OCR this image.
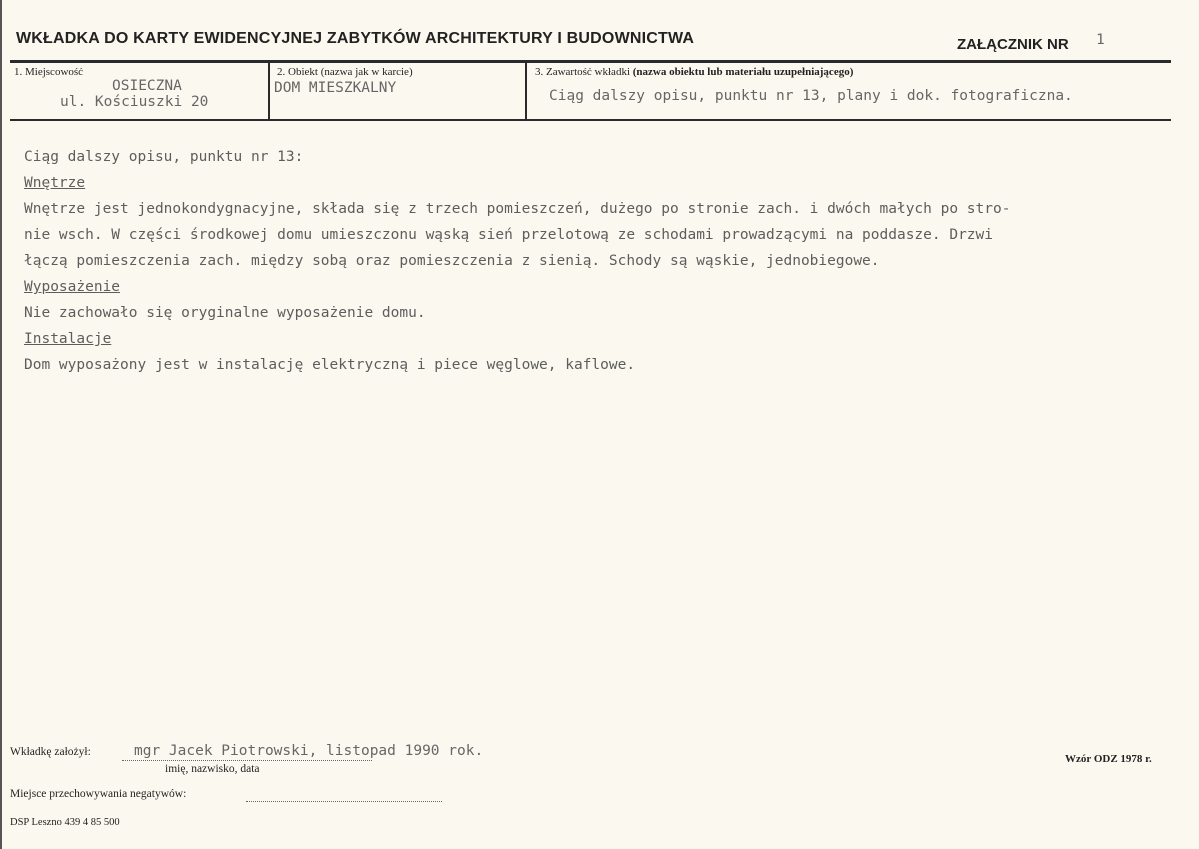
WKŁADKA DO KARTY EWIDENCYJNEJ ZABYTKÓW ARCHITEKTURY I BUDOWNICTWA	ZAŁĄCZNIK NR 1
1. Miejscowość
OSIECZNA
ul. Kościuszki 20
2. Obiekt (nazwa jak w karcie)
DOM MIESZKALNY
3. Zawartość wkładki (nazwa obiektu lub materiału uzupełniającego)
Ciąg dalszy opisu, punktu nr 13, plany i dok. fotograficzna.
Ciąg dalszy opisu, punktu nr 13:
Wnętrze
Wnętrze jest jednokondygnacyjne, składa się z trzech pomieszczeń, dużego po stronie zach. i dwóch małych po stro-
nie wsch. W części środkowej domu umieszczonu wąską sień przelotową ze schodami prowadzącymi na poddasze. Drzwi
łączą pomieszczenia zach. między sobą oraz pomieszczenia z sienią. Schody są wąskie, jednobiegowe.
Wyposażenie
Nie zachowało się oryginalne wyposażenie domu.
Instalacje
Dom wyposażony jest w instalację elektryczną i piece węglowe, kaflowe.
Wkładkę założył:	mgr Jacek Piotrowski, listopad 1990 rok.
imię, nazwisko, data
Miejsce przechowywania negatywów:
Wzór ODZ 1978 r.
DSP Leszno 439 4 85 500
